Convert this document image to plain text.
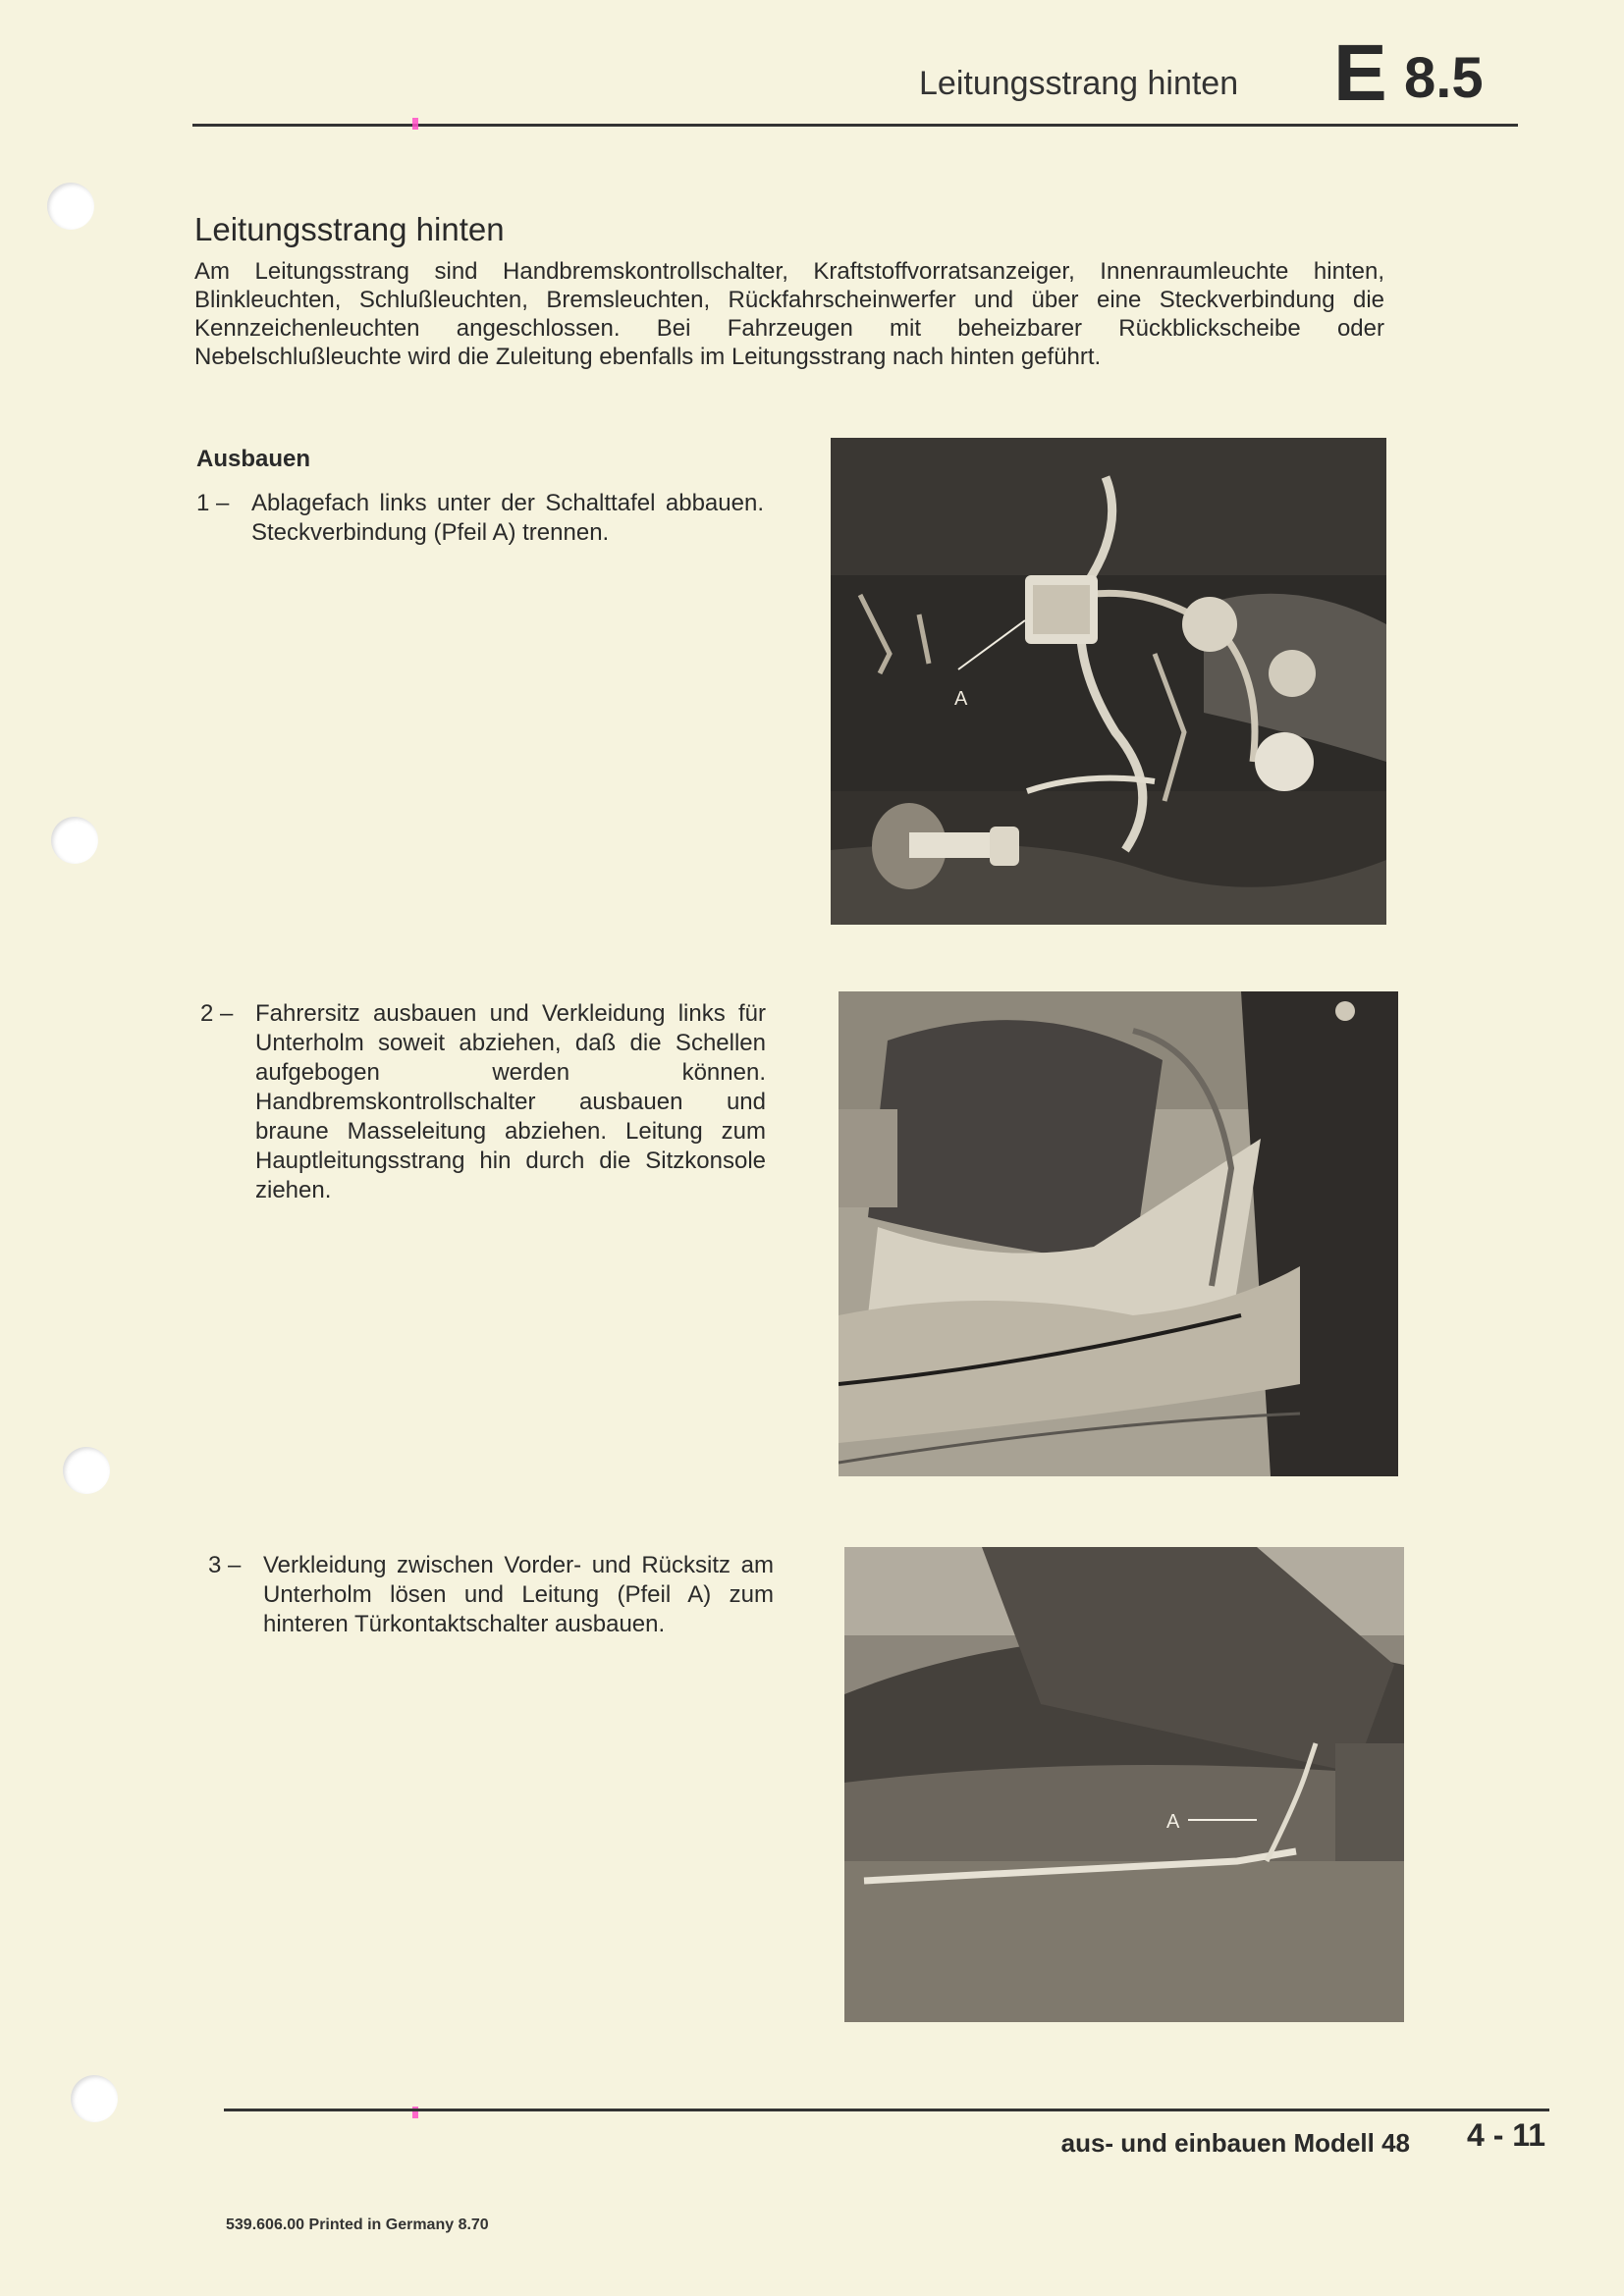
Leitungsstrang hinten E 8.5
Leitungsstrang hinten
Am Leitungsstrang sind Handbremskontrollschalter, Kraftstoffvorratsanzeiger, Innenraumleuchte hinten, Blinkleuchten, Schlußleuchten, Bremsleuchten, Rückfahrscheinwerfer und über eine Steckverbindung die Kennzeichenleuchten angeschlossen. Bei Fahrzeugen mit beheizbarer Rückblickscheibe oder Nebelschlußleuchte wird die Zuleitung ebenfalls im Leitungsstrang nach hinten geführt.
Ausbauen
1 – Ablagefach links unter der Schalttafel abbauen. Steckverbindung (Pfeil A) trennen.
2 – Fahrersitz ausbauen und Verkleidung links für Unterholm soweit abziehen, daß die Schellen aufgebogen werden können. Handbremskontrollschalter ausbauen und braune Masseleitung abziehen. Leitung zum Hauptleitungsstrang hin durch die Sitzkonsole ziehen.
3 – Verkleidung zwischen Vorder- und Rücksitz am Unterholm lösen und Leitung (Pfeil A) zum hinteren Türkontaktschalter ausbauen.
A
A
aus- und einbauen Modell 48 4 - 11
539.606.00 Printed in Germany 8.70
